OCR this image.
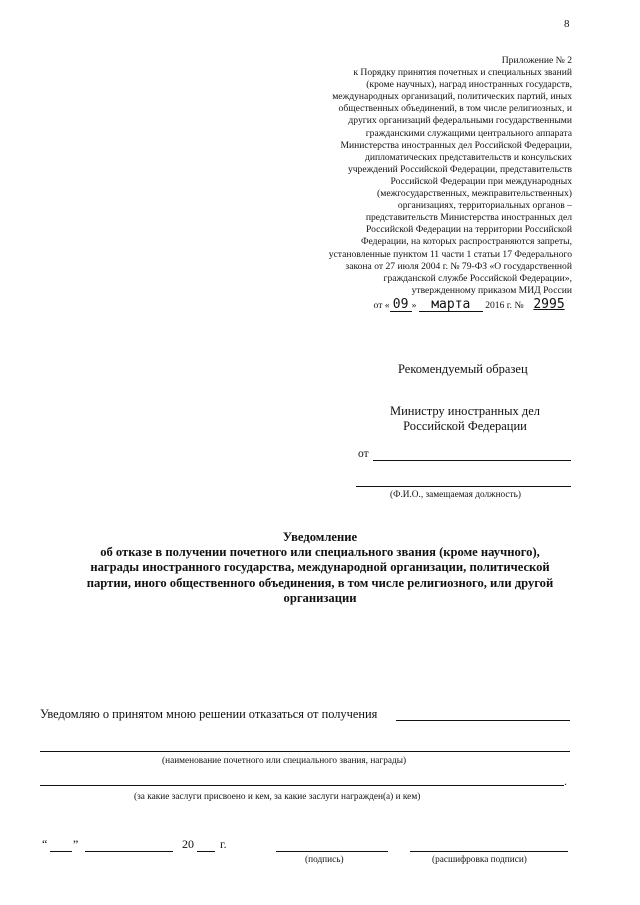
8
Приложение № 2
к Порядку принятия почетных и специальных званий
(кроме научных), наград иностранных государств,
международных организаций, политических партий, иных
общественных объединений, в том числе религиозных, и
других организаций федеральными государственными
гражданскими служащими центрального аппарата
Министерства иностранных дел Российской Федерации,
дипломатических представительств и консульских
учреждений Российской Федерации, представительств
Российской Федерации при международных
(межгосударственных, межправительственных)
организациях, территориальных органов –
представительств Министерства иностранных дел
Российской Федерации на территории Российской
Федерации, на которых распространяются запреты,
установленные пунктом 11 части 1 статьи 17 Федерального
закона от 27 июля 2004 г. № 79-ФЗ «О государственной
гражданской службе Российской Федерации»,
утвержденному приказом МИД России
от « 09 » марта 2016 г. № 2995
Рекомендуемый образец
Министру иностранных дел
Российской Федерации
от
(Ф.И.О., замещаемая должность)
Уведомление
об отказе в получении почетного или специального звания (кроме научного),
награды иностранного государства, международной организации, политической
партии, иного общественного объединения, в том числе религиозного, или другой
организации
Уведомляю о принятом мною решении отказаться от получения
(наименование почетного или специального звания, награды)
.
(за какие заслуги присвоено и кем, за какие заслуги награжден(а) и кем)
“ ”	20 г.
(подпись)	(расшифровка подписи)
